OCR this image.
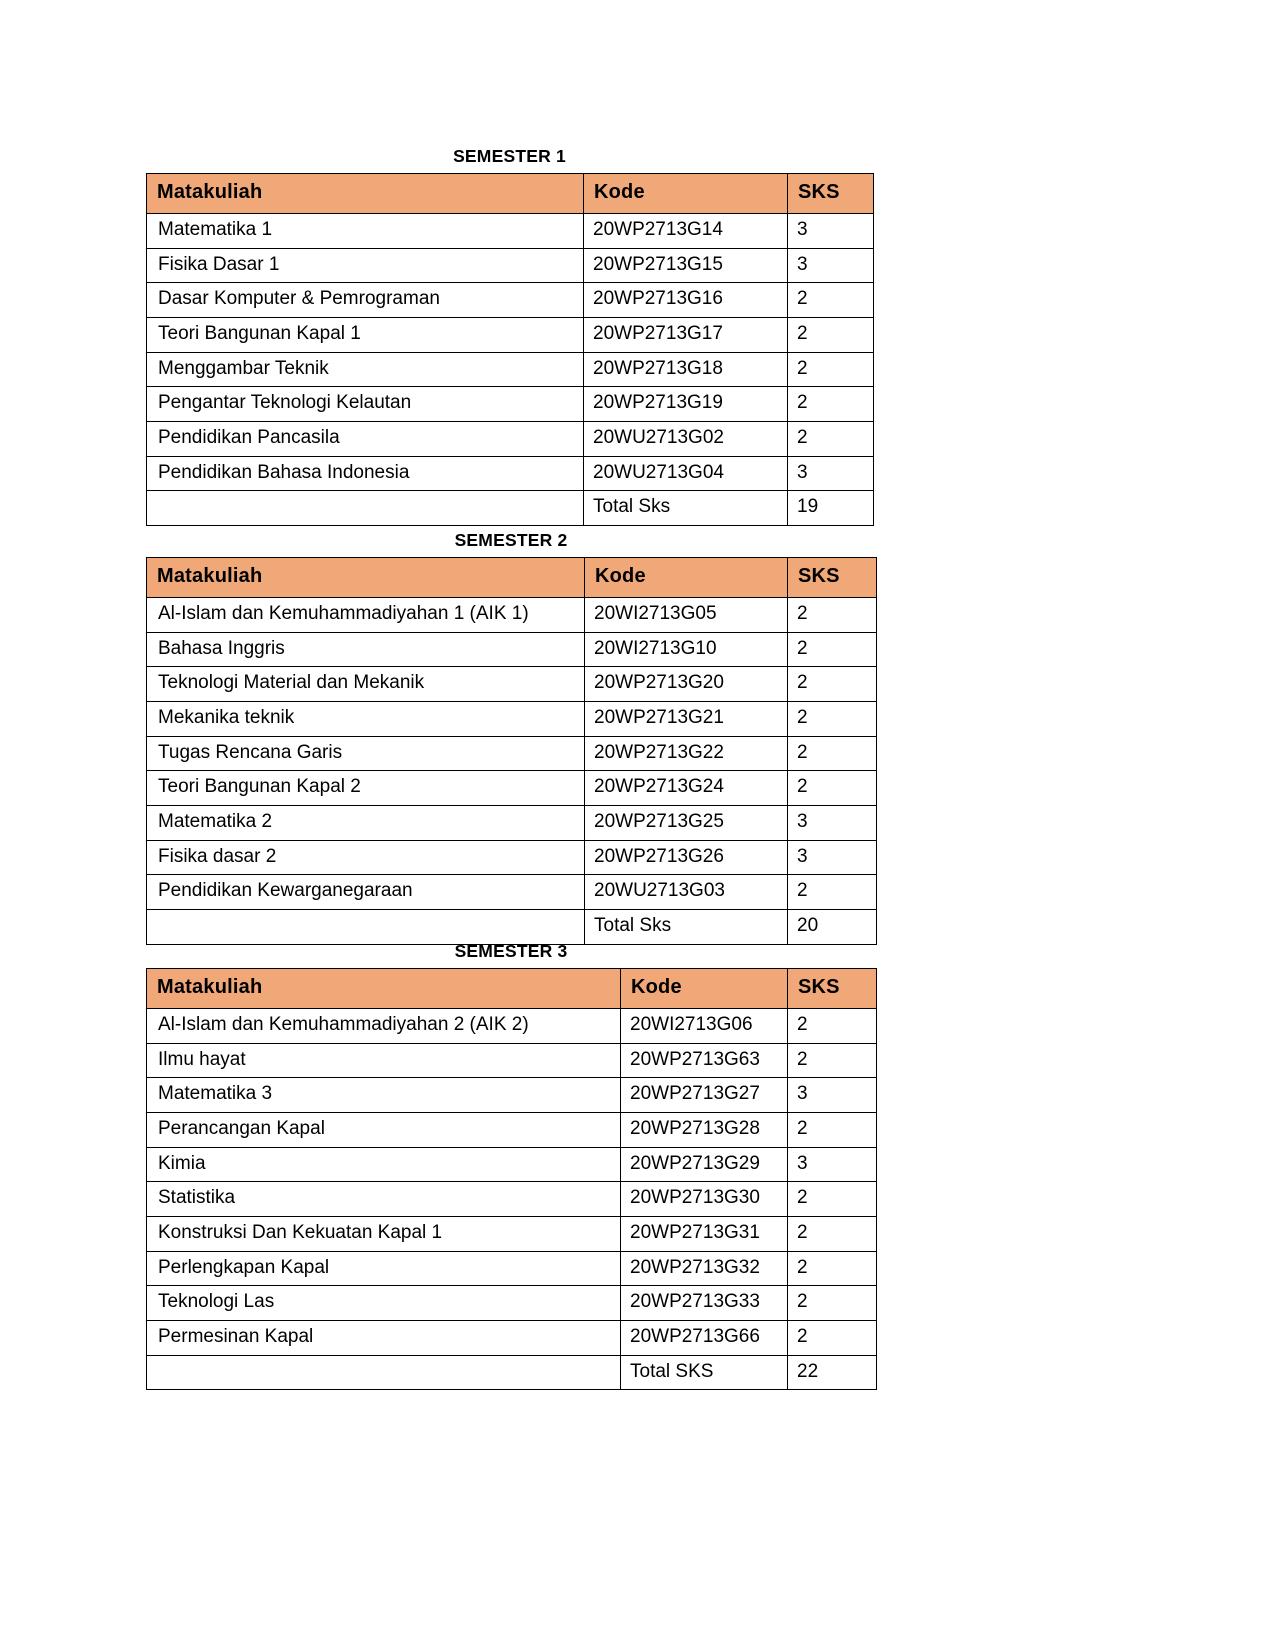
SEMESTER 1
Matakuliah	Kode	SKS
Matematika 1	20WP2713G14	3
Fisika Dasar 1	20WP2713G15	3
Dasar Komputer & Pemrograman	20WP2713G16	2
Teori Bangunan Kapal 1	20WP2713G17	2
Menggambar Teknik	20WP2713G18	2
Pengantar Teknologi Kelautan	20WP2713G19	2
Pendidikan Pancasila	20WU2713G02	2
Pendidikan Bahasa Indonesia	20WU2713G04	3
	Total Sks	19
SEMESTER 2
Matakuliah	Kode	SKS
Al-Islam dan Kemuhammadiyahan 1 (AIK 1)	20WI2713G05	2
Bahasa Inggris	20WI2713G10	2
Teknologi Material dan Mekanik	20WP2713G20	2
Mekanika teknik	20WP2713G21	2
Tugas Rencana Garis	20WP2713G22	2
Teori Bangunan Kapal 2	20WP2713G24	2
Matematika 2	20WP2713G25	3
Fisika dasar 2	20WP2713G26	3
Pendidikan Kewarganegaraan	20WU2713G03	2
	Total Sks	20
SEMESTER 3
Matakuliah	Kode	SKS
Al-Islam dan Kemuhammadiyahan 2 (AIK 2)	20WI2713G06	2
Ilmu hayat	20WP2713G63	2
Matematika 3	20WP2713G27	3
Perancangan Kapal	20WP2713G28	2
Kimia	20WP2713G29	3
Statistika	20WP2713G30	2
Konstruksi Dan Kekuatan Kapal 1	20WP2713G31	2
Perlengkapan Kapal	20WP2713G32	2
Teknologi Las	20WP2713G33	2
Permesinan Kapal	20WP2713G66	2
	Total SKS	22
